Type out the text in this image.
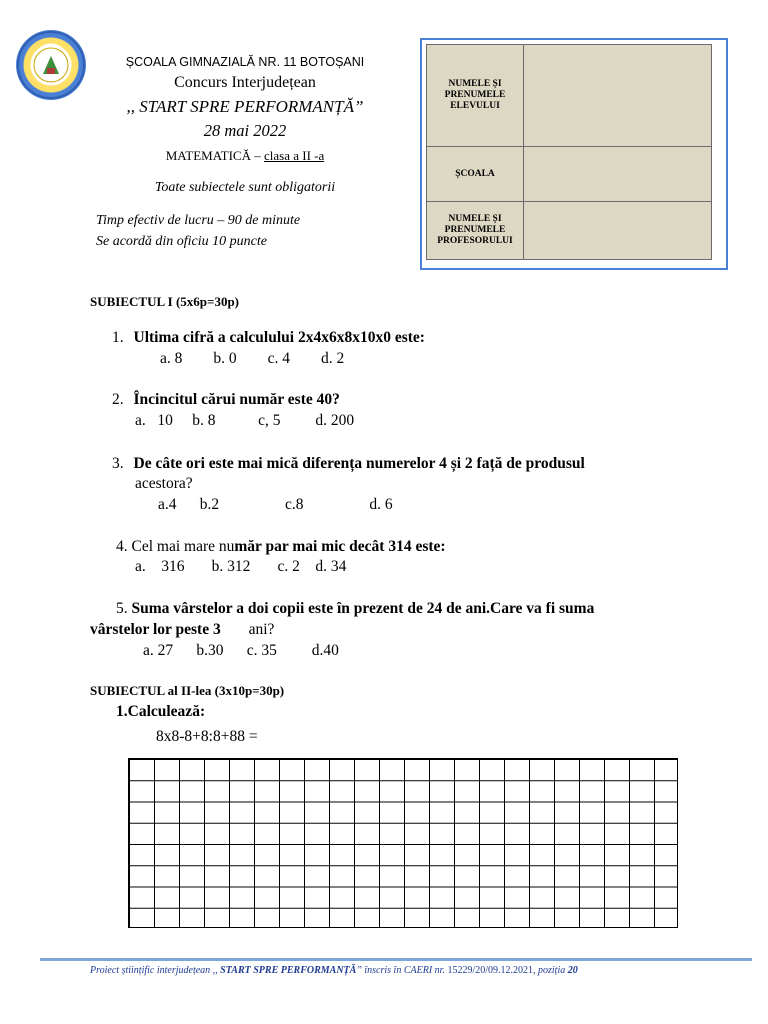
ȘCOALA GIMNAZIALĂ NR. 11 BOTOȘANI
Concurs Interjudețean
,, START SPRE PERFORMANȚĂ”
28 mai 2022
MATEMATICĂ – clasa a II -a
Toate subiectele sunt obligatorii
Timp efectiv de lucru – 90 de minute
Se acordă din oficiu 10 puncte
NUMELE ȘI PRENUMELE ELEVULUI
ȘCOALA
NUMELE ȘI PRENUMELE PROFESORULUI
SUBIECTUL I (5x6p=30p)
1. Ultima cifră a calculului 2x4x6x8x10x0 este:
a. 8        b. 0        c. 4        d. 2
2. Încincitul cărui număr este 40?
a.   10     b. 8           c, 5         d. 200
3. De câte ori este mai mică diferența numerelor 4 și 2 față de produsul
acestora?
a.4      b.2                 c.8                 d. 6
4. Cel mai mare număr par mai mic decât 314 este:
a.    316       b. 312       c. 2    d. 34
5. Suma vârstelor a doi copii este în prezent de 24 de ani.Care va fi suma
vârstelor lor peste 3 ani?
a. 27      b.30      c. 35         d.40
SUBIECTUL al II-lea (3x10p=30p)
1.Calculează:
8x8-8+8:8+88 =
Proiect științific interjudețean ,, START SPRE PERFORMANȚĂ” înscris în CAERI nr. 15229/20/09.12.2021, poziția 20
